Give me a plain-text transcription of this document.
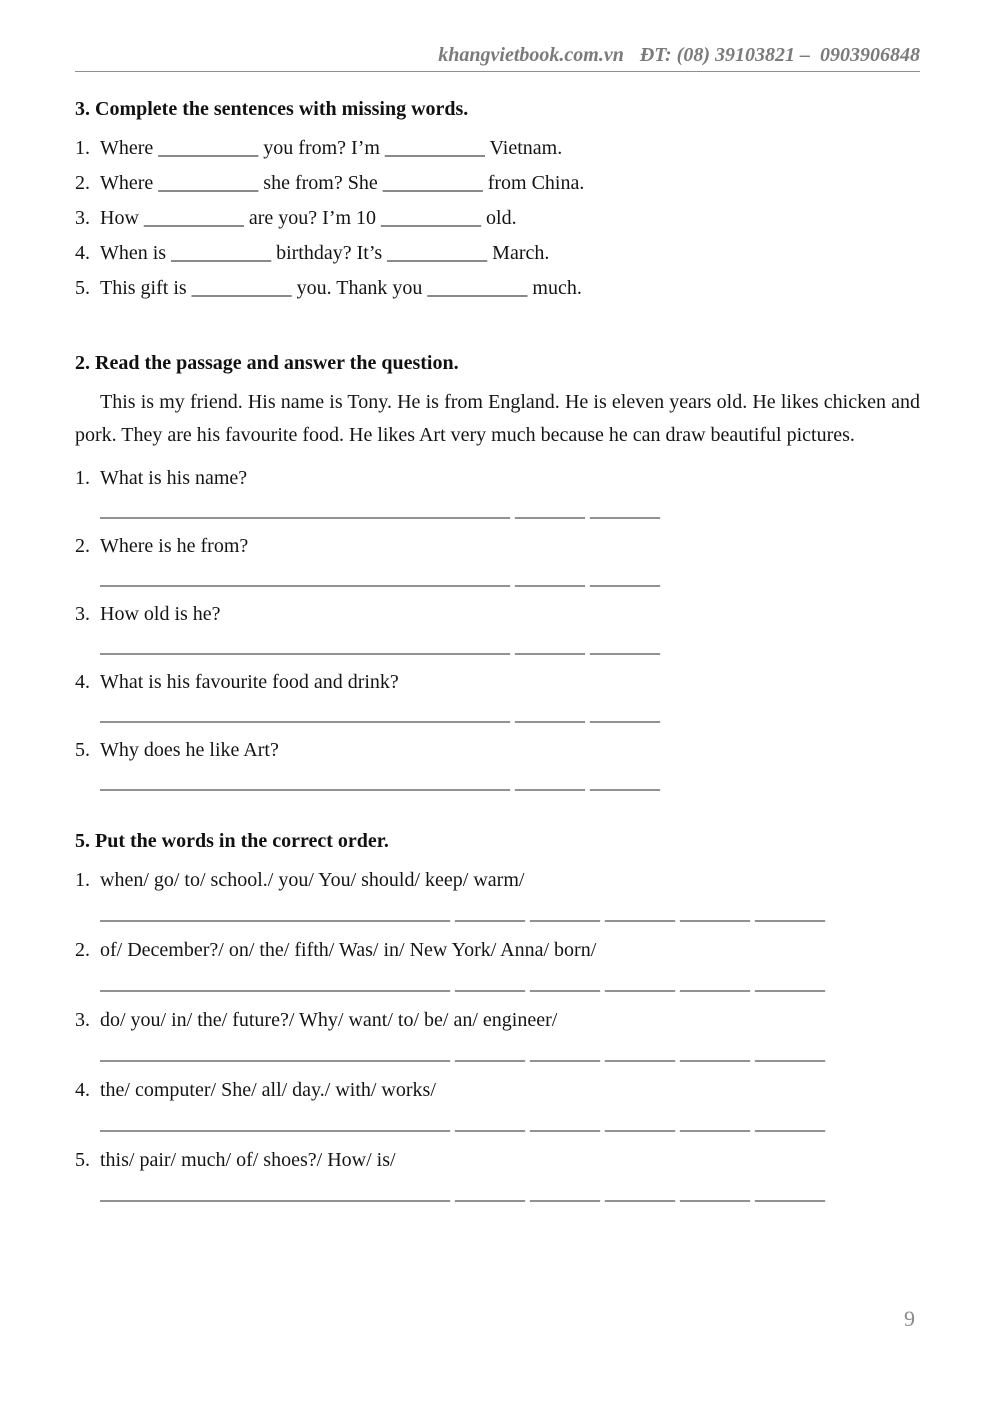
khangvietbook.com.vn ĐT: (08) 39103821 –  0903906848
3. Complete the sentences with missing words.
1. Where __________ you from? I’m __________ Vietnam.
2. Where __________ she from? She __________ from China.
3. How __________ are you? I’m 10 __________ old.
4. When is __________ birthday? It’s __________ March.
5. This gift is __________ you. Thank you __________ much.
2. Read the passage and answer the question.

This is my friend. His name is Tony. He is from England. He is eleven years old. He likes chicken and pork. They are his favourite food. He likes Art very much because he can draw beautiful pictures.

1. What is his name?
_________________________________________ _______ _______
2. Where is he from?
_________________________________________ _______ _______
3. How old is he?
_________________________________________ _______ _______
4. What is his favourite food and drink?
_________________________________________ _______ _______
5. Why does he like Art?
_________________________________________ _______ _______
5. Put the words in the correct order.
1. when/ go/ to/ school./ you/ You/ should/ keep/ warm/
___________________________________ _______ _______ _______ _______ _______
2. of/ December?/ on/ the/ fifth/ Was/ in/ New York/ Anna/ born/
___________________________________ _______ _______ _______ _______ _______
3. do/ you/ in/ the/ future?/ Why/ want/ to/ be/ an/ engineer/
___________________________________ _______ _______ _______ _______ _______
4. the/ computer/ She/ all/ day./ with/ works/
___________________________________ _______ _______ _______ _______ _______
5. this/ pair/ much/ of/ shoes?/ How/ is/
___________________________________ _______ _______ _______ _______ _______
9
